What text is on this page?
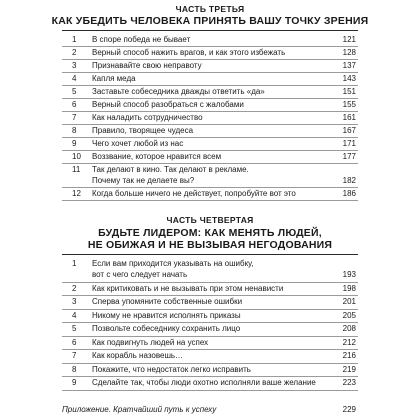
ЧАСТЬ ТРЕТЬЯ
КАК УБЕДИТЬ ЧЕЛОВЕКА ПРИНЯТЬ ВАШУ ТОЧКУ ЗРЕНИЯ
1 В споре победа не бывает	121
2 Верный способ нажить врагов, и как этого избежать	128
3 Признавайте свою неправоту	137
4 Капля меда	143
5 Заставьте собеседника дважды ответить «да»	151
6 Верный способ разобраться с жалобами	155
7 Как наладить сотрудничество	161
8 Правило, творящее чудеса	167
9 Чего хочет любой из нас	171
10 Воззвание, которое нравится всем	177
11 Так делают в кино. Так делают в рекламе.
Почему так не делаете вы?	182
12 Когда больше ничего не действует, попробуйте вот это	186
ЧАСТЬ ЧЕТВЕРТАЯ
БУДЬТЕ ЛИДЕРОМ: КАК МЕНЯТЬ ЛЮДЕЙ,
НЕ ОБИЖАЯ И НЕ ВЫЗЫВАЯ НЕГОДОВАНИЯ
1 Если вам приходится указывать на ошибку,
вот с чего следует начать	193
2 Как критиковать и не вызывать при этом ненависти	198
3 Сперва упомяните собственные ошибки	201
4 Никому не нравится исполнять приказы	205
5 Позвольте собеседнику сохранить лицо	208
6 Как подвигнуть людей на успех	212
7 Как корабль назовешь…	216
8 Покажите, что недостаток легко исправить	219
9 Сделайте так, чтобы люди охотно исполняли ваше желание	223
Приложение. Кратчайший путь к успеху	229
